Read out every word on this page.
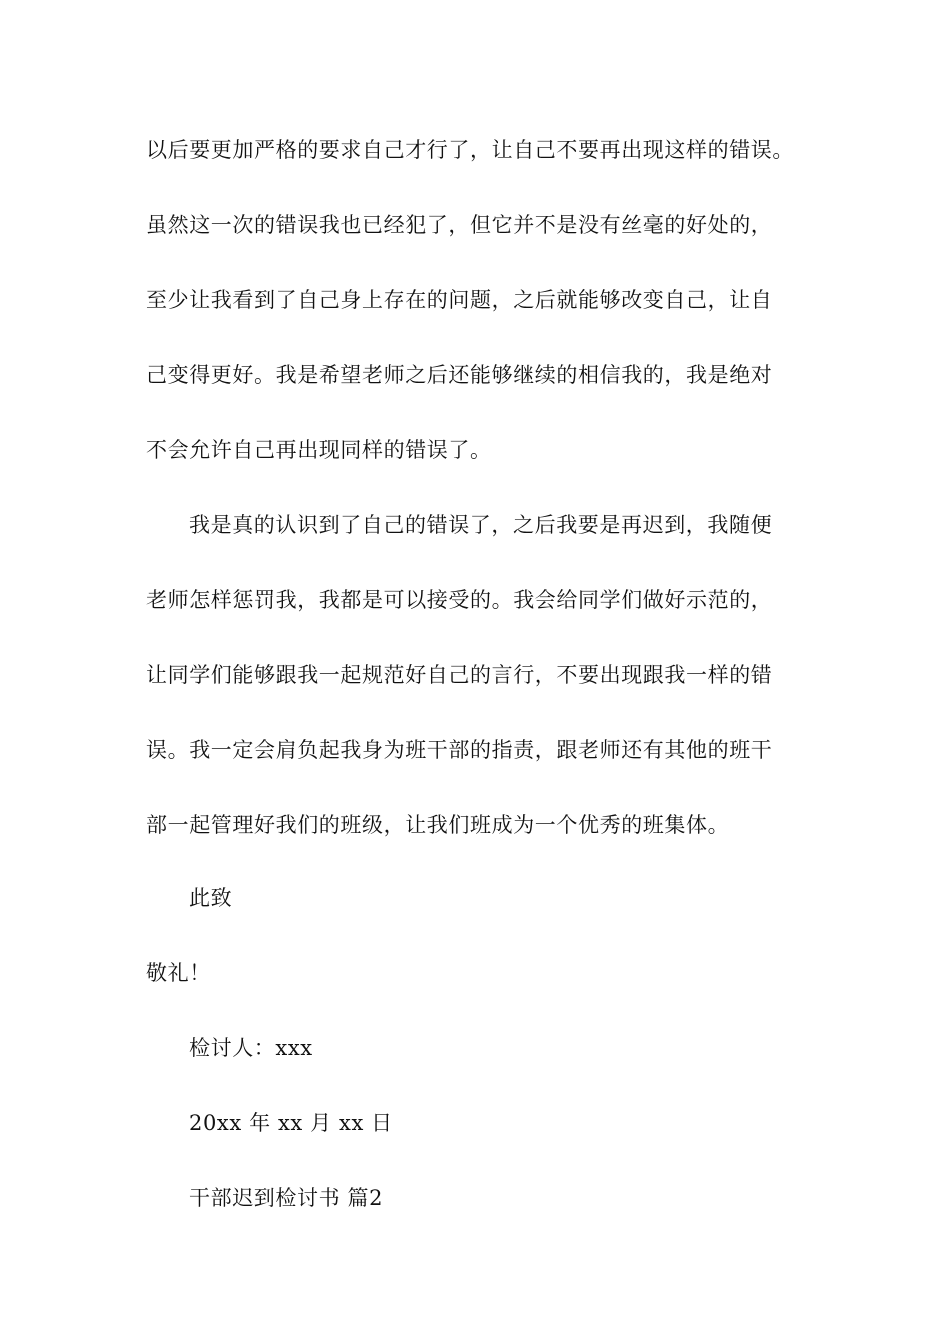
以后要更加严格的要求自己才行了，让自己不要再出现这样的错误。
虽然这一次的错误我也已经犯了，但它并不是没有丝毫的好处的，
至少让我看到了自己身上存在的问题，之后就能够改变自己，让自
己变得更好。我是希望老师之后还能够继续的相信我的，我是绝对
不会允许自己再出现同样的错误了。
我是真的认识到了自己的错误了，之后我要是再迟到，我随便
老师怎样惩罚我，我都是可以接受的。我会给同学们做好示范的，
让同学们能够跟我一起规范好自己的言行，不要出现跟我一样的错
误。我一定会肩负起我身为班干部的指责，跟老师还有其他的班干
部一起管理好我们的班级，让我们班成为一个优秀的班集体。
此致
敬礼！
检讨人：xxx
20xx 年 xx 月 xx 日
干部迟到检讨书 篇2
